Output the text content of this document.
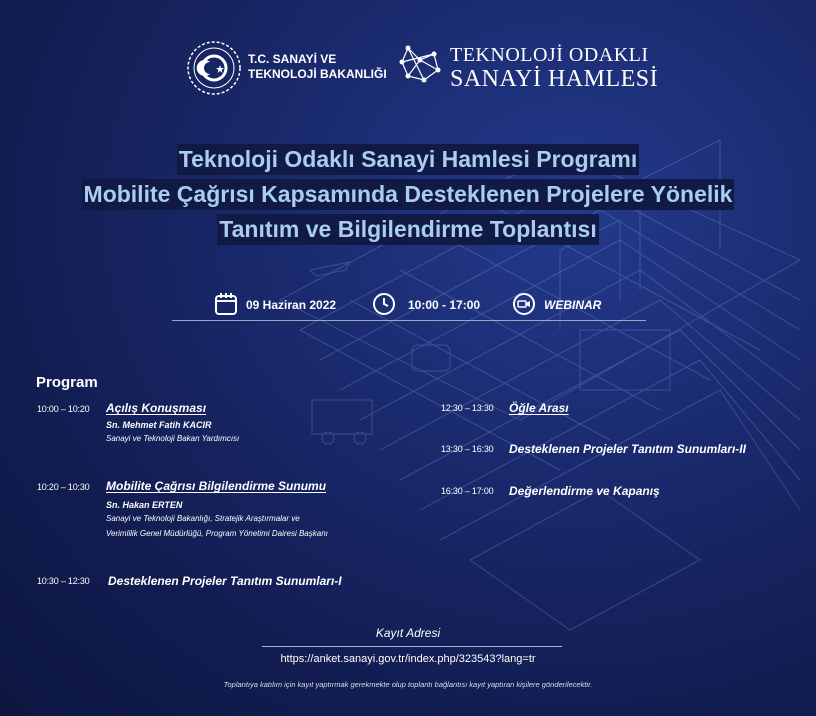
T.C. SANAYİ VE
TEKNOLOJİ BAKANLIĞI
TEKNOLOJİ ODAKLI
SANAYİ HAMLESİ
Teknoloji Odaklı Sanayi Hamlesi Programı
Mobilite Çağrısı Kapsamında Desteklenen Projelere Yönelik
Tanıtım ve Bilgilendirme Toplantısı
09 Haziran 2022	10:00 - 17:00	WEBINAR
Program
10:00 – 10:20 Açılış Konuşması
Sn. Mehmet Fatih KACIR
Sanayi ve Teknoloji Bakan Yardımcısı
10:20 – 10:30 Mobilite Çağrısı Bilgilendirme Sunumu
Sn. Hakan ERTEN
Sanayi ve Teknoloji Bakanlığı, Stratejik Araştırmalar ve
Verimlilik Genel Müdürlüğü, Program Yönetimi Dairesi Başkanı
10:30 – 12:30 Desteklenen Projeler Tanıtım Sunumları-I
12:30 – 13:30 Öğle Arası
13:30 – 16:30 Desteklenen Projeler Tanıtım Sunumları-II
16:30 – 17:00 Değerlendirme ve Kapanış
Kayıt Adresi
https://anket.sanayi.gov.tr/index.php/323543?lang=tr
Toplantıya katılım için kayıt yaptırmak gerekmekte olup toplantı bağlantısı kayıt yaptıran kişilere gönderilecektir.
